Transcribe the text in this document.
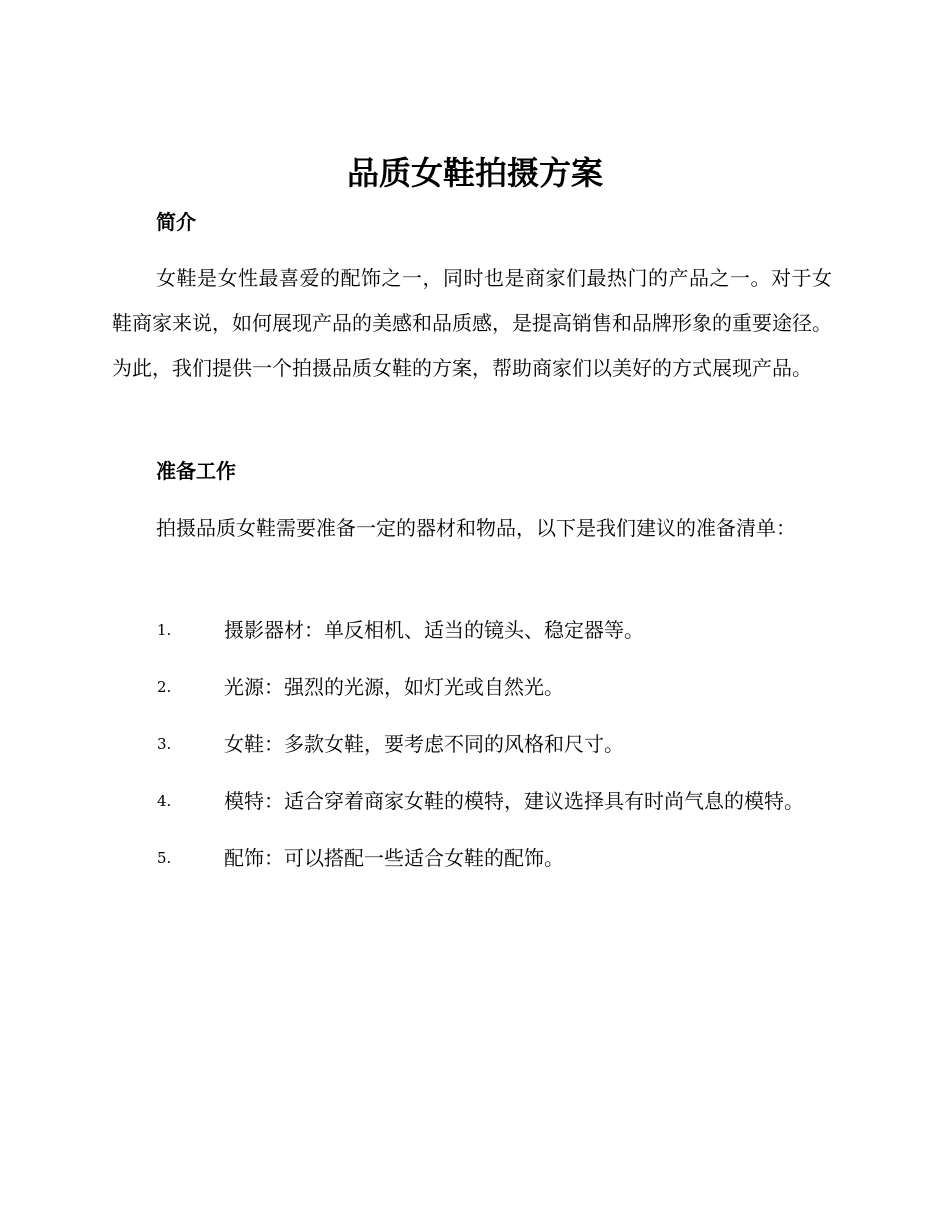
品质女鞋拍摄方案
简介

女鞋是女性最喜爱的配饰之一，同时也是商家们最热门的产品之一。对于女鞋商家来说，如何展现产品的美感和品质感，是提高销售和品牌形象的重要途径。为此，我们提供一个拍摄品质女鞋的方案，帮助商家们以美好的方式展现产品。

准备工作

拍摄品质女鞋需要准备一定的器材和物品，以下是我们建议的准备清单：

1.	摄影器材：单反相机、适当的镜头、稳定器等。
2.	光源：强烈的光源，如灯光或自然光。
3.	女鞋：多款女鞋，要考虑不同的风格和尺寸。
4.	模特：适合穿着商家女鞋的模特，建议选择具有时尚气息的模特。
5.	配饰：可以搭配一些适合女鞋的配饰。
